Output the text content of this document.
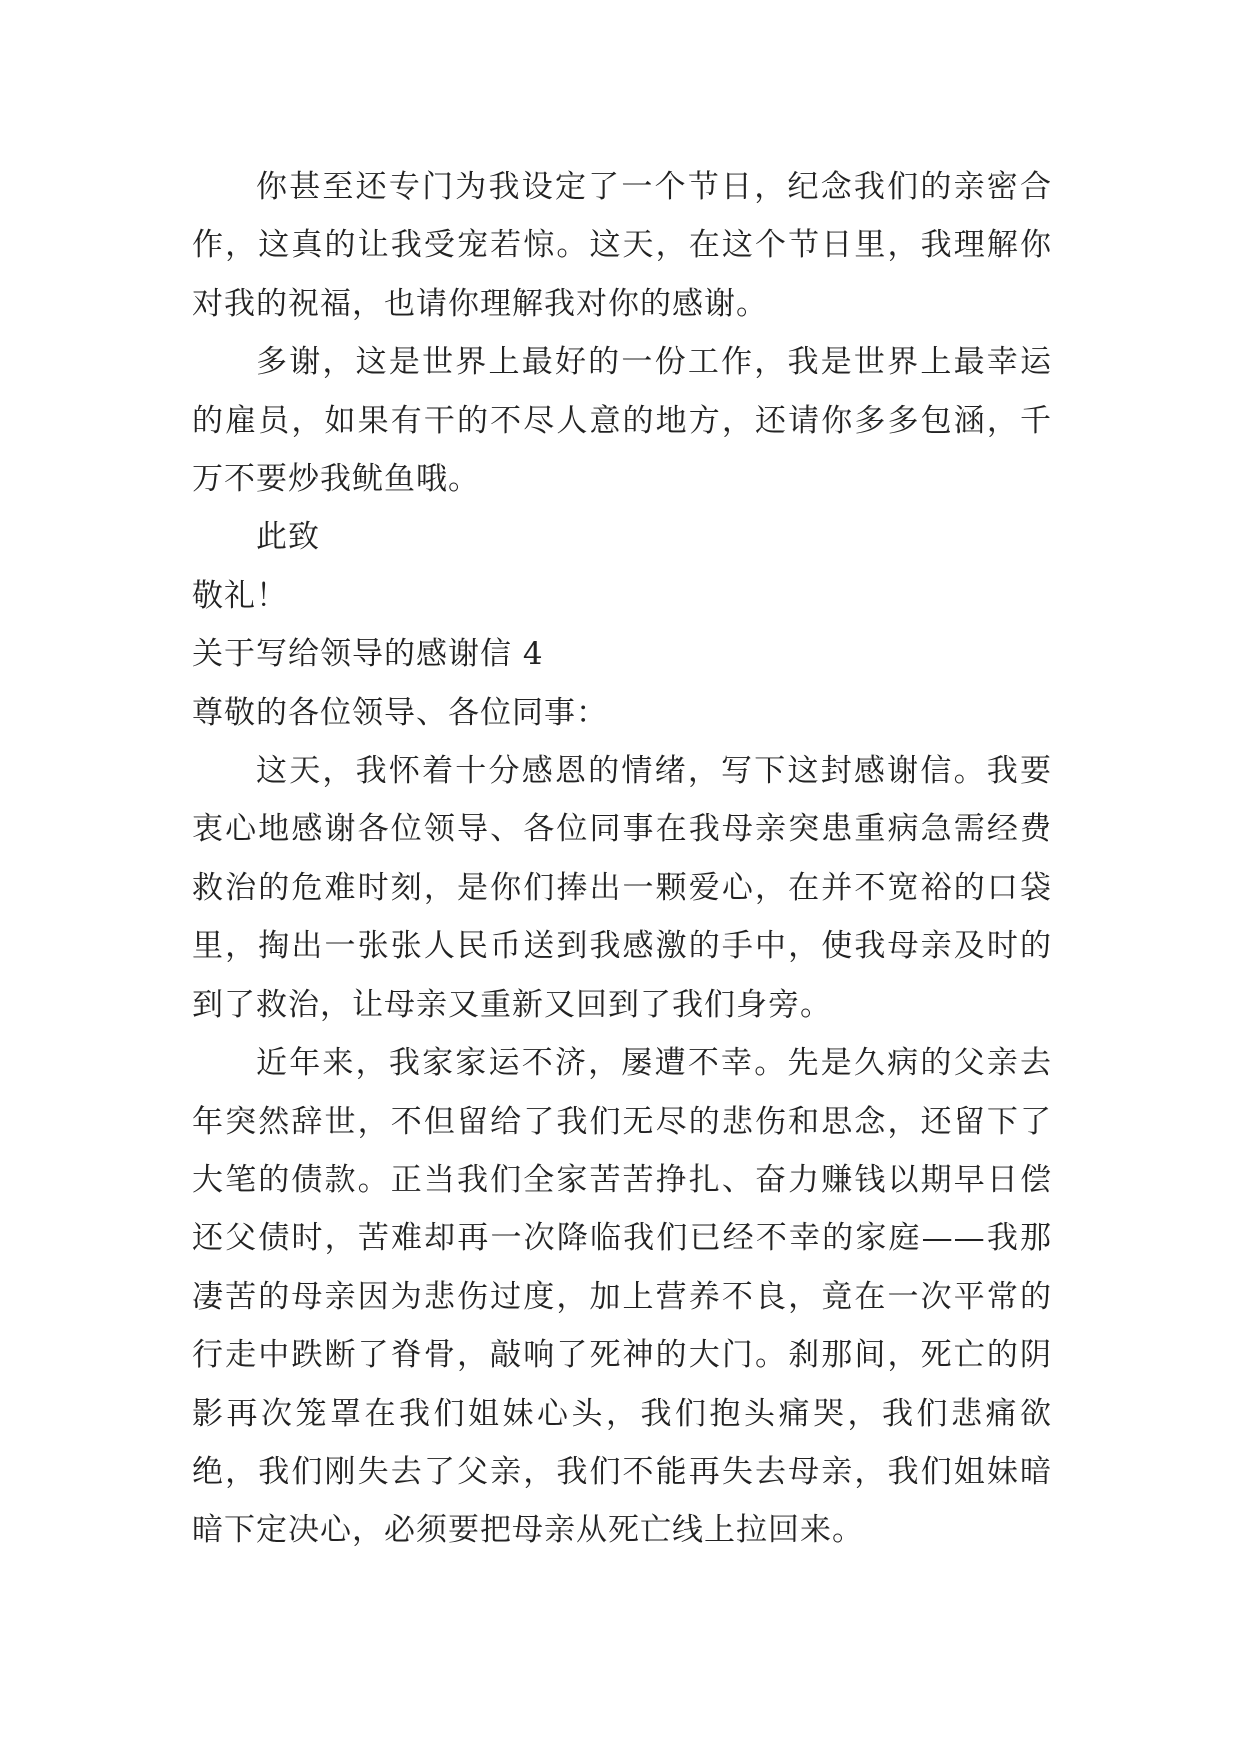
你甚至还专门为我设定了一个节日，纪念我们的亲密合作，这真的让我受宠若惊。这天，在这个节日里，我理解你对我的祝福，也请你理解我对你的感谢。

多谢，这是世界上最好的一份工作，我是世界上最幸运的雇员，如果有干的不尽人意的地方，还请你多多包涵，千万不要炒我鱿鱼哦。

此致

敬礼！

关于写给领导的感谢信 4

尊敬的各位领导、各位同事：

这天，我怀着十分感恩的情绪，写下这封感谢信。我要衷心地感谢各位领导、各位同事在我母亲突患重病急需经费救治的危难时刻，是你们捧出一颗爱心，在并不宽裕的口袋里，掏出一张张人民币送到我感激的手中，使我母亲及时的到了救治，让母亲又重新又回到了我们身旁。

近年来，我家家运不济，屡遭不幸。先是久病的父亲去年突然辞世，不但留给了我们无尽的悲伤和思念，还留下了大笔的债款。正当我们全家苦苦挣扎、奋力赚钱以期早日偿还父债时，苦难却再一次降临我们已经不幸的家庭——我那凄苦的母亲因为悲伤过度，加上营养不良，竟在一次平常的行走中跌断了脊骨，敲响了死神的大门。刹那间，死亡的阴影再次笼罩在我们姐妹心头，我们抱头痛哭，我们悲痛欲绝，我们刚失去了父亲，我们不能再失去母亲，我们姐妹暗暗下定决心，必须要把母亲从死亡线上拉回来。
